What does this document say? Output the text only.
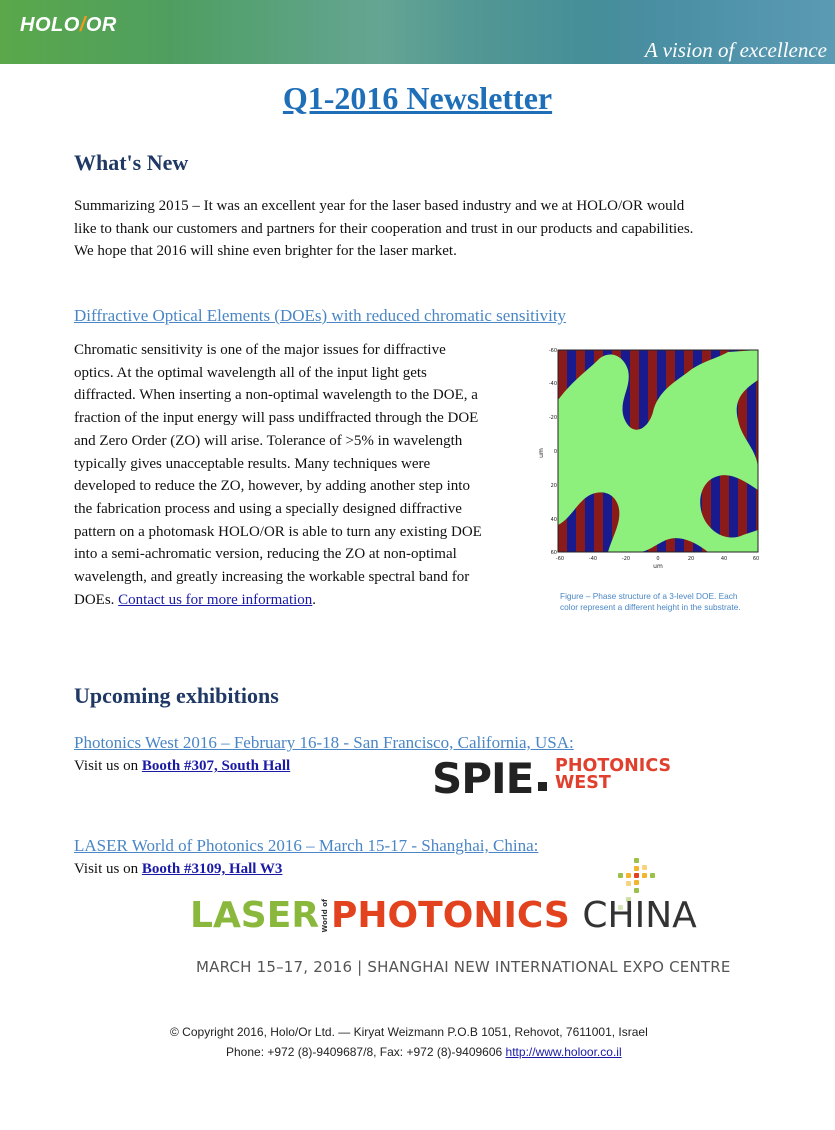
HOLO/OR
A vision of excellence
Q1-2016 Newsletter
What's New
Summarizing 2015 – It was an excellent year for the laser based industry and we at HOLO/OR would
like to thank our customers and partners for their cooperation and trust in our products and capabilities.
We hope that 2016 will shine even brighter for the laser market.
Diffractive Optical Elements (DOEs) with reduced chromatic sensitivity
Chromatic sensitivity is one of the major issues for diffractive
optics. At the optimal wavelength all of the input light gets
diffracted. When inserting a non-optimal wavelength to the DOE, a
fraction of the input energy will pass undiffracted through the DOE
and Zero Order (ZO) will arise. Tolerance of >5% in wavelength
typically gives unacceptable results. Many techniques were
developed to reduce the ZO, however, by adding another step into
the fabrication process and using a specially designed diffractive
pattern on a photomask HOLO/OR is able to turn any existing DOE
into a semi-achromatic version, reducing the ZO at non-optimal
wavelength, and greatly increasing the workable spectral band for
DOEs. Contact us for more information.
-60
-40
-20
0
20
40
60
-60	-40	-20	0	20	40	60
um
um
Figure – Phase structure of a 3-level DOE. Each
color represent a different height in the substrate.
Upcoming exhibitions
Photonics West 2016 – February 16-18 - San Francisco, California, USA:
Visit us on Booth #307, South Hall	SPIE PHOTONICS
WEST
LASER World of Photonics 2016 – March 15-17 - Shanghai, China:
Visit us on Booth #3109, Hall W3
LASER World ofPHOTONICS CHINA
MARCH 15–17, 2016 | SHANGHAI NEW INTERNATIONAL EXPO CENTRE
© Copyright 2016, Holo/Or Ltd. — Kiryat Weizmann P.O.B 1051, Rehovot, 7611001, Israel
Phone: +972 (8)-9409687/8, Fax: +972 (8)-9409606 http://www.holoor.co.il
